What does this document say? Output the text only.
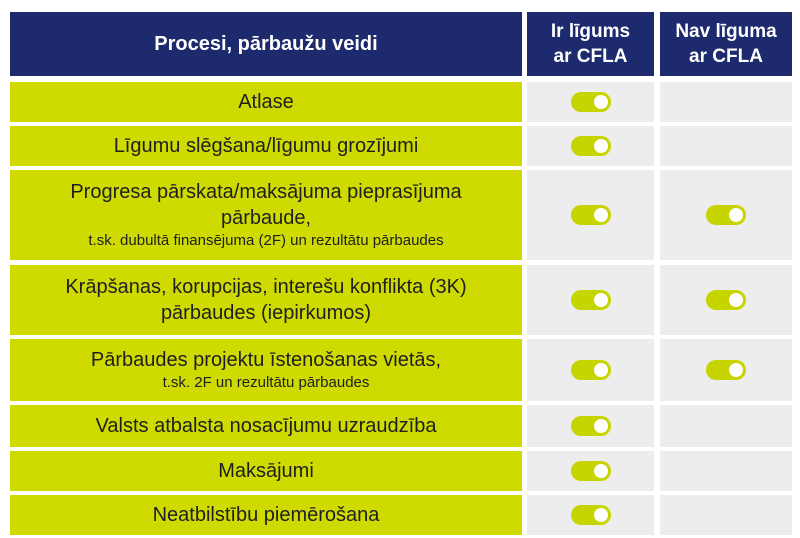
Procesi, pārbaužu veidi
Ir līgums
ar CFLA
Nav līguma
ar CFLA
Atlase
Līgumu slēgšana/līgumu grozījumi
Progresa pārskata/maksājuma pieprasījuma
pārbaude,
t.sk. dubultā finansējuma (2F) un rezultātu pārbaudes
Krāpšanas, korupcijas, interešu konflikta (3K)
pārbaudes (iepirkumos)
Pārbaudes projektu īstenošanas vietās,
t.sk. 2F un rezultātu pārbaudes
Valsts atbalsta nosacījumu uzraudzība
Maksājumi
Neatbilstību piemērošana
